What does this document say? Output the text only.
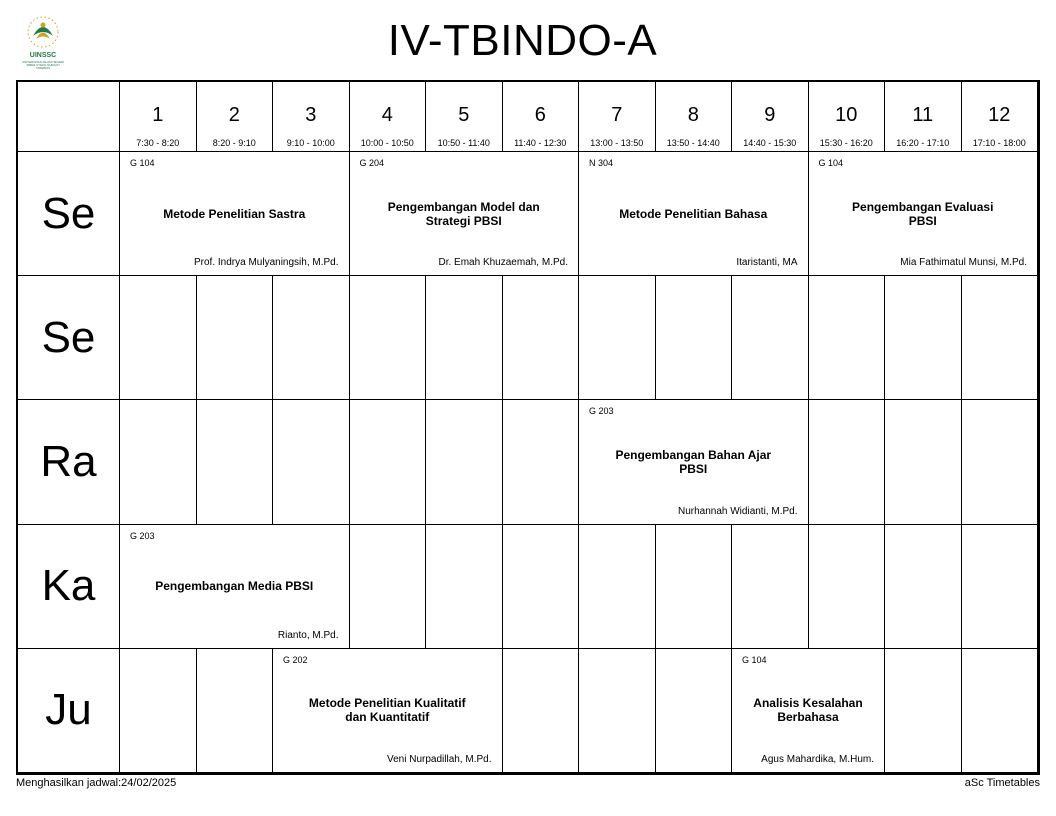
UINSSC
UNIVERSITAS ISLAM NEGERI SIBER SYEKH NURJATI CIREBON
IV-TBINDO-A
1
7:30 - 8:20
2
8:20 - 9:10
3
9:10 - 10:00
4
10:00 - 10:50
5
10:50 - 11:40
6
11:40 - 12:30
7
13:00 - 13:50
8
13:50 - 14:40
9
14:40 - 15:30
10
15:30 - 16:20
11
16:20 - 17:10
12
17:10 - 18:00
Se
Se
Ra
Ka
Ju
G 104
Metode Penelitian Sastra
Prof. Indrya Mulyaningsih, M.Pd.
G 204
Pengembangan Model dan Strategi PBSI
Dr. Emah Khuzaemah, M.Pd.
N 304
Metode Penelitian Bahasa
Itaristanti, MA
G 104
Pengembangan Evaluasi PBSI
Mia Fathimatul Munsi, M.Pd.
G 203
Pengembangan Bahan Ajar PBSI
Nurhannah Widianti, M.Pd.
G 203
Pengembangan Media PBSI
Rianto, M.Pd.
G 202
Metode Penelitian Kualitatif dan Kuantitatif
Veni Nurpadillah, M.Pd.
G 104
Analisis Kesalahan Berbahasa
Agus Mahardika, M.Hum.
Menghasilkan jadwal:24/02/2025	aSc Timetables
